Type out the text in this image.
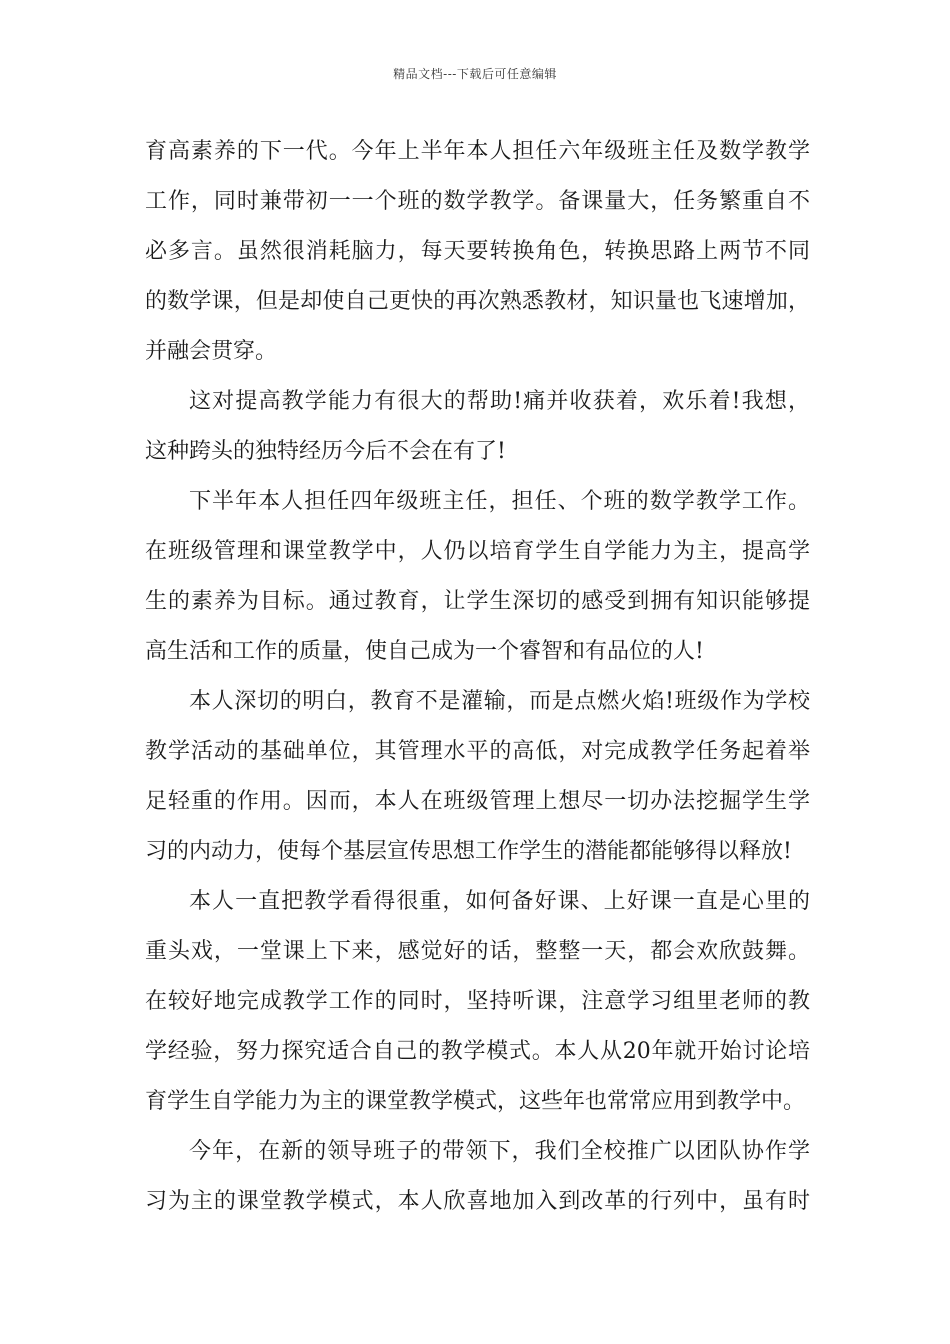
精品文档---下载后可任意编辑
育高素养的下一代。今年上半年本人担任六年级班主任及数学教学
工作，同时兼带初一一个班的数学教学。备课量大，任务繁重自不
必多言。虽然很消耗脑力，每天要转换角色，转换思路上两节不同
的数学课，但是却使自己更快的再次熟悉教材，知识量也飞速增加，
并融会贯穿。
这对提高教学能力有很大的帮助!痛并收获着，欢乐着!我想，
这种跨头的独特经历今后不会在有了!
下半年本人担任四年级班主任，担任、个班的数学教学工作。
在班级管理和课堂教学中，人仍以培育学生自学能力为主，提高学
生的素养为目标。通过教育，让学生深切的感受到拥有知识能够提
高生活和工作的质量，使自己成为一个睿智和有品位的人!
本人深切的明白，教育不是灌输，而是点燃火焰!班级作为学校
教学活动的基础单位，其管理水平的高低，对完成教学任务起着举
足轻重的作用。因而，本人在班级管理上想尽一切办法挖掘学生学
习的内动力，使每个基层宣传思想工作学生的潜能都能够得以释放!
本人一直把教学看得很重，如何备好课、上好课一直是心里的
重头戏，一堂课上下来，感觉好的话，整整一天，都会欢欣鼓舞。
在较好地完成教学工作的同时，坚持听课，注意学习组里老师的教
学经验，努力探究适合自己的教学模式。本人从20年就开始讨论培
育学生自学能力为主的课堂教学模式，这些年也常常应用到教学中。
今年，在新的领导班子的带领下，我们全校推广以团队协作学
习为主的课堂教学模式，本人欣喜地加入到改革的行列中，虽有时
